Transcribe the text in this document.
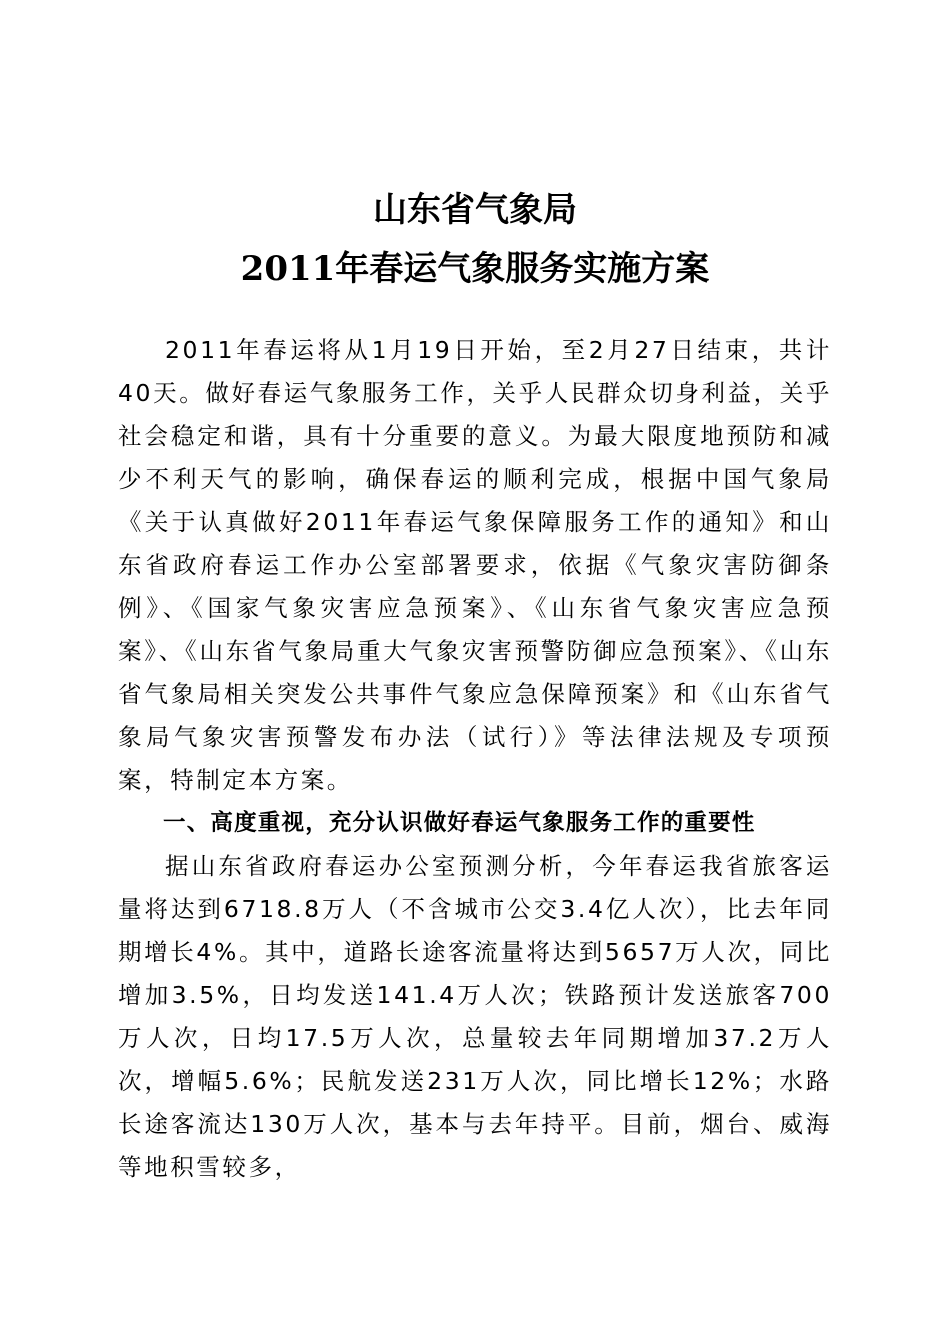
山东省气象局
2011年春运气象服务实施方案

2011年春运将从1月19日开始，至2月27日结束，共计40天。做好春运气象服务工作，关乎人民群众切身利益，关乎社会稳定和谐，具有十分重要的意义。为最大限度地预防和减少不利天气的影响，确保春运的顺利完成，根据中国气象局《关于认真做好2011年春运气象保障服务工作的通知》和山东省政府春运工作办公室部署要求，依据《气象灾害防御条例》、《国家气象灾害应急预案》、《山东省气象灾害应急预案》、《山东省气象局重大气象灾害预警防御应急预案》、《山东省气象局相关突发公共事件气象应急保障预案》和《山东省气象局气象灾害预警发布办法（试行）》等法律法规及专项预案，特制定本方案。

一、高度重视，充分认识做好春运气象服务工作的重要性

据山东省政府春运办公室预测分析，今年春运我省旅客运量将达到6718.8万人（不含城市公交3.4亿人次），比去年同期增长4%。其中，道路长途客流量将达到5657万人次，同比增加3.5%，日均发送141.4万人次；铁路预计发送旅客700万人次，日均17.5万人次，总量较去年同期增加37.2万人次，增幅5.6%；民航发送231万人次，同比增长12%；水路长途客流达130万人次，基本与去年持平。目前，烟台、威海等地积雪较多，
